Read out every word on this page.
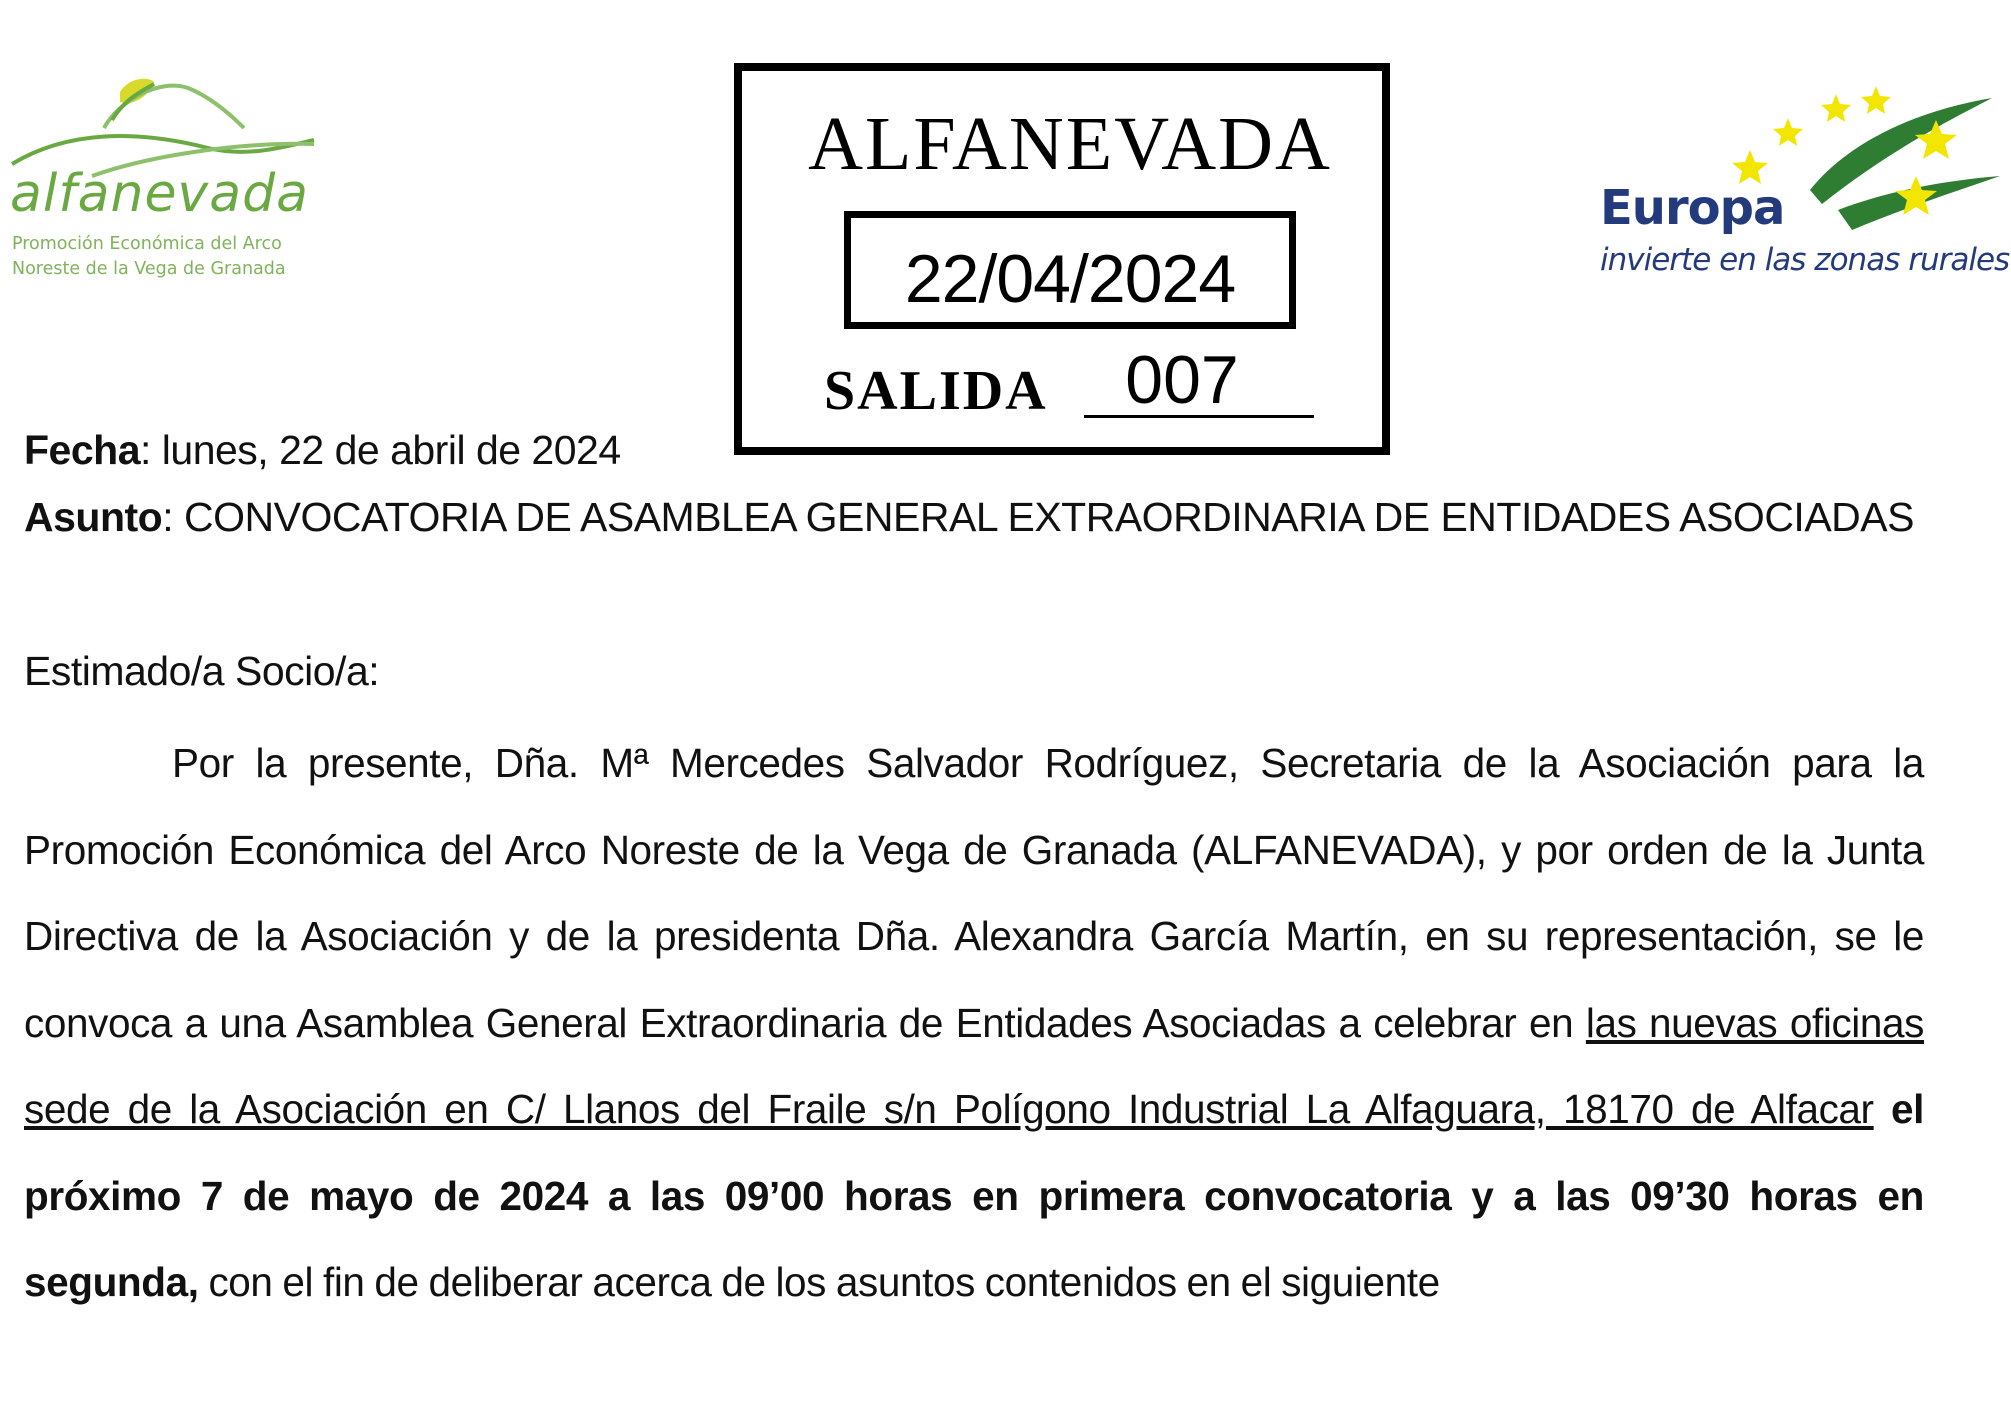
alfanevada
Promoción Económica del Arco
Noreste de la Vega de Granada
ALFANEVADA
22/04/2024
SALIDA	007
Europa
invierte en las zonas rurales
Fecha: lunes, 22 de abril de 2024
Asunto: CONVOCATORIA DE ASAMBLEA GENERAL EXTRAORDINARIA DE ENTIDADES ASOCIADAS
Estimado/a Socio/a:
Por la presente, Dña. Mª Mercedes Salvador Rodríguez, Secretaria de la Asociación para la Promoción Económica del Arco Noreste de la Vega de Granada (ALFANEVADA), y por orden de la Junta Directiva de la Asociación y de la presidenta Dña. Alexandra García Martín, en su representación, se le convoca a una Asamblea General Extraordinaria de Entidades Asociadas a celebrar en las nuevas oficinas sede de la Asociación en C/ Llanos del Fraile s/n Polígono Industrial La Alfaguara, 18170 de Alfacar el próximo 7 de mayo de 2024 a las 09’00 horas en primera convocatoria y a las 09’30 horas en segunda, con el fin de deliberar acerca de los asuntos contenidos en el siguiente
